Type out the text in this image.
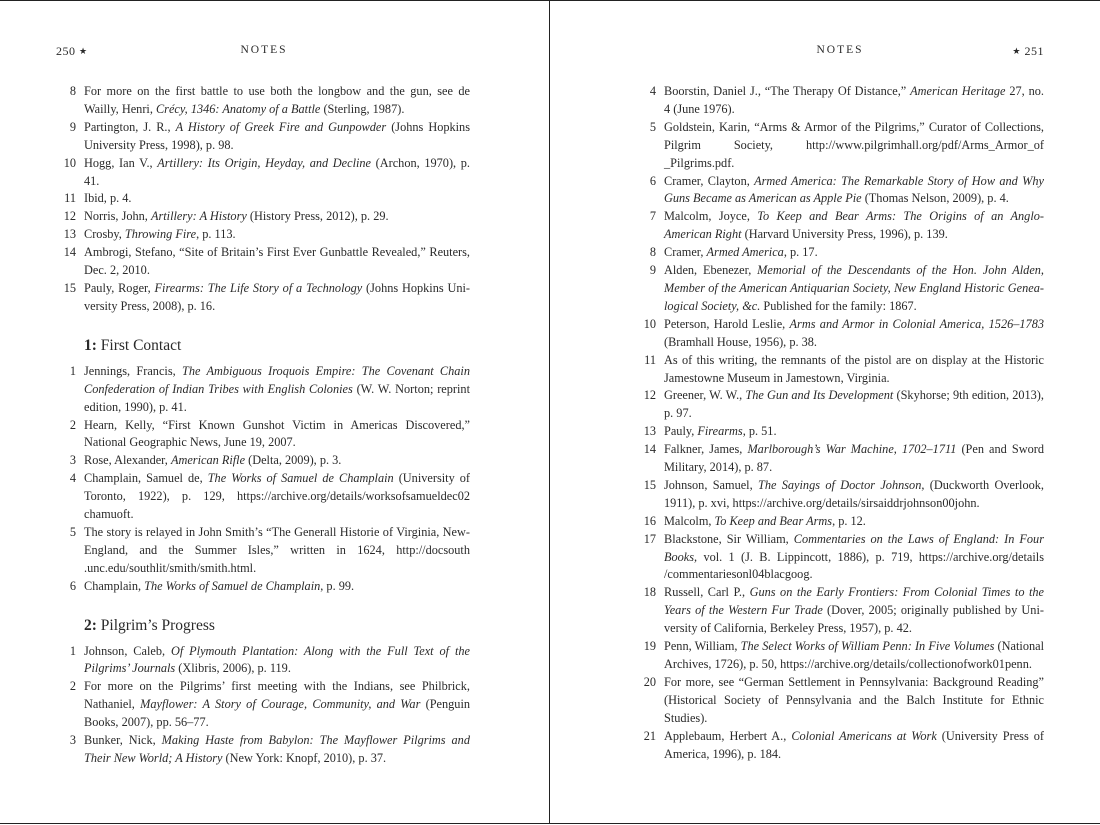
250 ★	NOTES
8 For more on the first battle to use both the longbow and the gun, see de Wailly, Henri, Crécy, 1346: Anatomy of a Battle (Sterling, 1987).
9 Partington, J. R., A History of Greek Fire and Gunpowder (Johns Hopkins University Press, 1998), p. 98.
10 Hogg, Ian V., Artillery: Its Origin, Heyday, and Decline (Archon, 1970), p. 41.
11 Ibid, p. 4.
12 Norris, John, Artillery: A History (History Press, 2012), p. 29.
13 Crosby, Throwing Fire, p. 113.
14 Ambrogi, Stefano, “Site of Britain’s First Ever Gunbattle Revealed,” Reuters, Dec. 2, 2010.
15 Pauly, Roger, Firearms: The Life Story of a Technology (Johns Hopkins University Press, 2008), p. 16.
1: First Contact
1 Jennings, Francis, The Ambiguous Iroquois Empire: The Covenant Chain Confederation of Indian Tribes with English Colonies (W. W. Norton; reprint edition, 1990), p. 41.
2 Hearn, Kelly, “First Known Gunshot Victim in Americas Discovered,” National Geographic News, June 19, 2007.
3 Rose, Alexander, American Rifle (Delta, 2009), p. 3.
4 Champlain, Samuel de, The Works of Samuel de Champlain (University of Toronto, 1922), p. 129, https://archive.org/details/worksofsamueldec02​chamuoft.
5 The story is relayed in John Smith’s “The Generall Historie of Virginia, New-England, and the Summer Isles,” written in 1624, http://docsouth​.unc.edu/southlit/smith/smith.html.
6 Champlain, The Works of Samuel de Champlain, p. 99.
2: Pilgrim’s Progress
1 Johnson, Caleb, Of Plymouth Plantation: Along with the Full Text of the Pilgrims’ Journals (Xlibris, 2006), p. 119.
2 For more on the Pilgrims’ first meeting with the Indians, see Philbrick, Nathaniel, Mayflower: A Story of Courage, Community, and War (Penguin Books, 2007), pp. 56–77.
3 Bunker, Nick, Making Haste from Babylon: The Mayflower Pilgrims and Their New World; A History (New York: Knopf, 2010), p. 37.
NOTES	★ 251
4 Boorstin, Daniel J., “The Therapy Of Distance,” American Heritage 27, no. 4 (June 1976).
5 Goldstein, Karin, “Arms & Armor of the Pilgrims,” Curator of Collections, Pilgrim Society, http://www.pilgrimhall.org/pdf/Arms_Armor_of​_Pilgrims.pdf.
6 Cramer, Clayton, Armed America: The Remarkable Story of How and Why Guns Became as American as Apple Pie (Thomas Nelson, 2009), p. 4.
7 Malcolm, Joyce, To Keep and Bear Arms: The Origins of an Anglo-American Right (Harvard University Press, 1996), p. 139.
8 Cramer, Armed America, p. 17.
9 Alden, Ebenezer, Memorial of the Descendants of the Hon. John Alden, Member of the American Antiquarian Society, New England Historic Genealogical Society, &c. Published for the family: 1867.
10 Peterson, Harold Leslie, Arms and Armor in Colonial America, 1526–1783 (Bramhall House, 1956), p. 38.
11 As of this writing, the remnants of the pistol are on display at the Historic Jamestowne Museum in Jamestown, Virginia.
12 Greener, W. W., The Gun and Its Development (Skyhorse; 9th edition, 2013), p. 97.
13 Pauly, Firearms, p. 51.
14 Falkner, James, Marlborough’s War Machine, 1702–1711 (Pen and Sword Military, 2014), p. 87.
15 Johnson, Samuel, The Sayings of Doctor Johnson, (Duckworth Overlook, 1911), p. xvi, https://archive.org/details/sirsaiddrjohnson00john.
16 Malcolm, To Keep and Bear Arms, p. 12.
17 Blackstone, Sir William, Commentaries on the Laws of England: In Four Books, vol. 1 (J. B. Lippincott, 1886), p. 719, https://archive.org/details​/commentariesonl04blacgoog.
18 Russell, Carl P., Guns on the Early Frontiers: From Colonial Times to the Years of the Western Fur Trade (Dover, 2005; originally published by University of California, Berkeley Press, 1957), p. 42.
19 Penn, William, The Select Works of William Penn: In Five Volumes (National Archives, 1726), p. 50, https://archive.org/details/collectionofwork​01penn.
20 For more, see “German Settlement in Pennsylvania: Background Reading” (Historical Society of Pennsylvania and the Balch Institute for Ethnic Studies).
21 Applebaum, Herbert A., Colonial Americans at Work (University Press of America, 1996), p. 184.
